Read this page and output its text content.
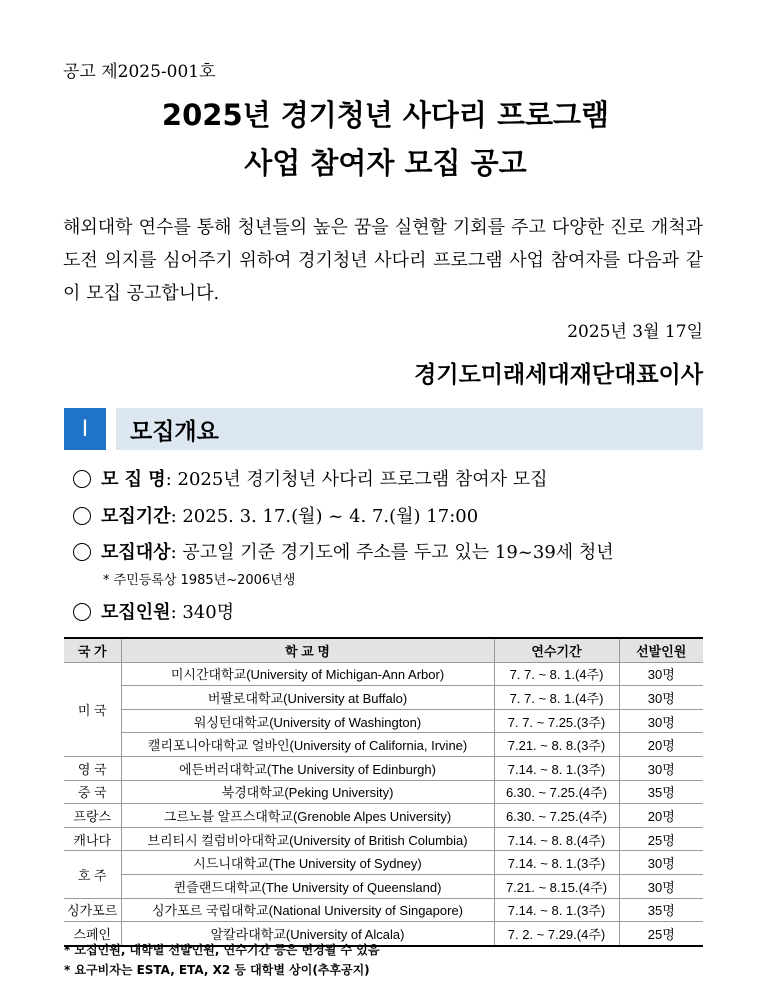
공고 제2025-001호
2025년 경기청년 사다리 프로그램
사업 참여자 모집 공고
해외대학 연수를 통해 청년들의 높은 꿈을 실현할 기회를 주고 다양한 진로 개척과 도전 의지를 심어주기 위하여 경기청년 사다리 프로그램 사업 참여자를 다음과 같이 모집 공고합니다.
2025년 3월 17일
경기도미래세대재단대표이사
Ⅰ	모집개요
모 집 명: 2025년 경기청년 사다리 프로그램 참여자 모집
모집기간: 2025. 3. 17.(월) ~ 4. 7.(월) 17:00
모집대상: 공고일 기준 경기도에 주소를 두고 있는 19~39세 청년
* 주민등록상 1985년~2006년생
모집인원: 340명
국 가	학 교 명	연수기간	선발인원
미 국	미시간대학교(University of Michigan-Ann Arbor)	7. 7. ~ 8. 1.(4주)	30명
	버팔로대학교(University at Buffalo)	7. 7. ~ 8. 1.(4주)	30명
	워싱턴대학교(University of Washington)	7. 7. ~ 7.25.(3주)	30명
	캘리포니아대학교 얼바인(University of California, Irvine)	7.21. ~ 8. 8.(3주)	20명
영 국	에든버러대학교(The University of Edinburgh)	7.14. ~ 8. 1.(3주)	30명
중 국	북경대학교(Peking University)	6.30. ~ 7.25.(4주)	35명
프랑스	그르노블 알프스대학교(Grenoble Alpes University)	6.30. ~ 7.25.(4주)	20명
캐나다	브리티시 컬럼비아대학교(University of British Columbia)	7.14. ~ 8. 8.(4주)	25명
호 주	시드니대학교(The University of Sydney)	7.14. ~ 8. 1.(3주)	30명
	퀸즐랜드대학교(The University of Queensland)	7.21. ~ 8.15.(4주)	30명
싱가포르	싱가포르 국립대학교(National University of Singapore)	7.14. ~ 8. 1.(3주)	35명
스페인	알칼라대학교(University of Alcala)	7. 2. ~ 7.29.(4주)	25명
* 모집인원, 대학별 선발인원, 연수기간 등은 변경될 수 있음
* 요구비자는 ESTA, ETA, X2 등 대학별 상이(추후공지)
